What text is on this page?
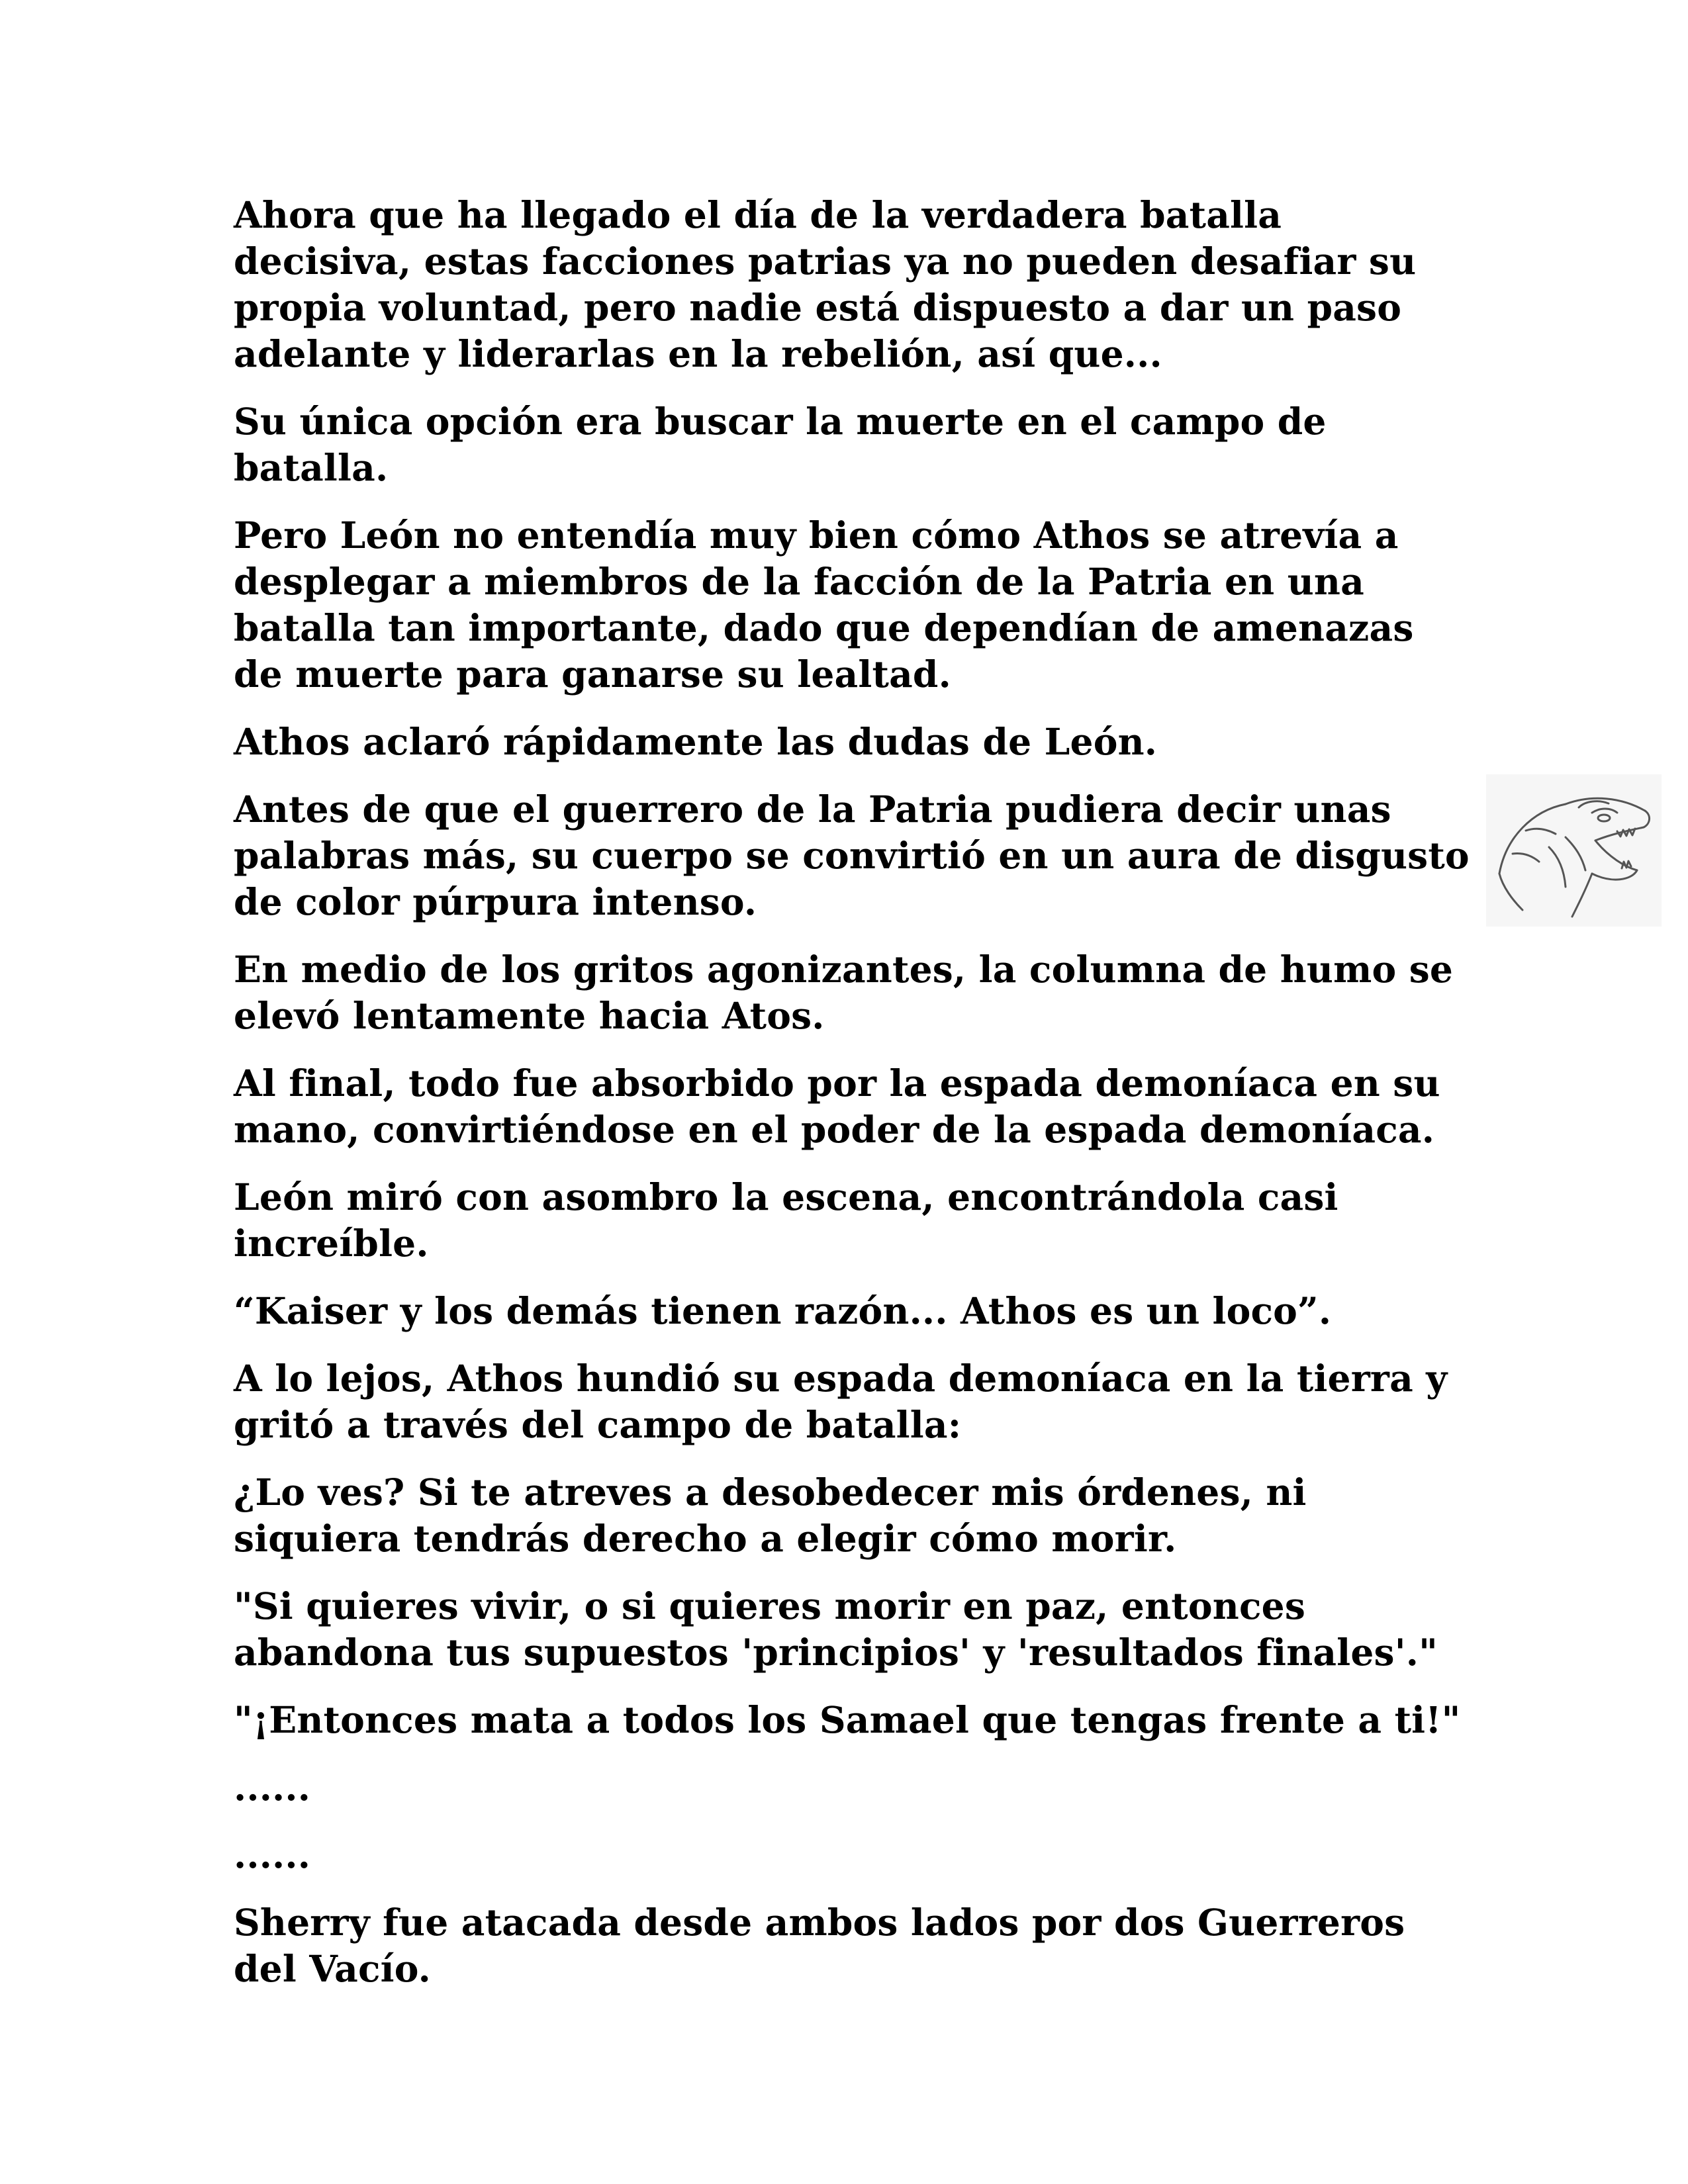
Ahora que ha llegado el día de la verdadera batalla decisiva, estas facciones patrias ya no pueden desafiar su propia voluntad, pero nadie está dispuesto a dar un paso adelante y liderarlas en la rebelión, así que...

Su única opción era buscar la muerte en el campo de batalla.

Pero León no entendía muy bien cómo Athos se atrevía a desplegar a miembros de la facción de la Patria en una batalla tan importante, dado que dependían de amenazas de muerte para ganarse su lealtad.

Athos aclaró rápidamente las dudas de León.

Antes de que el guerrero de la Patria pudiera decir unas palabras más, su cuerpo se convirtió en un aura de disgusto de color púrpura intenso.

En medio de los gritos agonizantes, la columna de humo se elevó lentamente hacia Atos.

Al final, todo fue absorbido por la espada demoníaca en su mano, convirtiéndose en el poder de la espada demoníaca.

León miró con asombro la escena, encontrándola casi increíble.

“Kaiser y los demás tienen razón... Athos es un loco”.

A lo lejos, Athos hundió su espada demoníaca en la tierra y gritó a través del campo de batalla:

¿Lo ves? Si te atreves a desobedecer mis órdenes, ni siquiera tendrás derecho a elegir cómo morir.

"Si quieres vivir, o si quieres morir en paz, entonces abandona tus supuestos 'principios' y 'resultados finales'."

"¡Entonces mata a todos los Samael que tengas frente a ti!"

......

......

Sherry fue atacada desde ambos lados por dos Guerreros del Vacío.
